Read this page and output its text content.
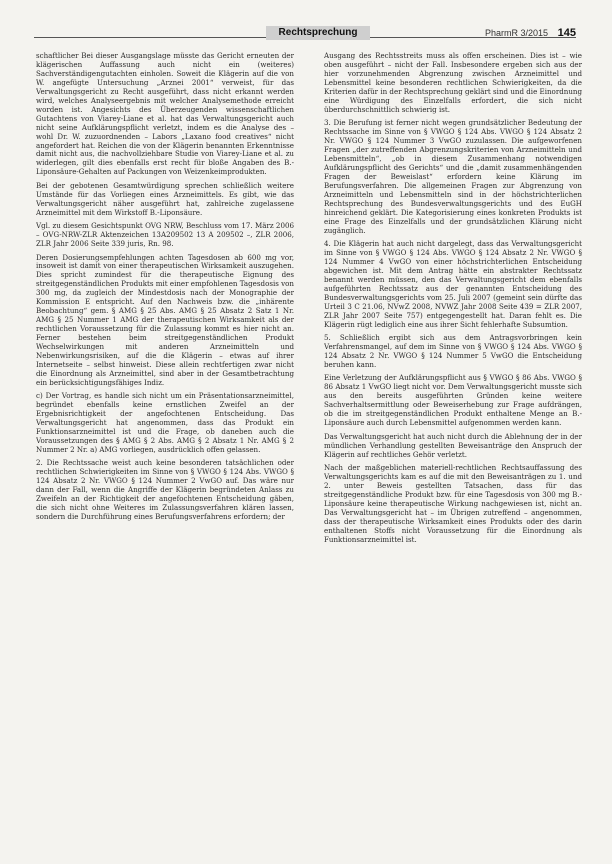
Rechtsprechung	PharmR 3/2015 145

schaftlicher Bei dieser Ausgangslage müsste das Gericht erneuten der klägerischen Auffassung auch nicht ein (weiteres) Sachverständigengutachten einholen. Soweit die Klägerin auf die von W. angefügte Untersuchung „Arznei 2001“ verweist, für das Verwaltungsgericht zu Recht ausgeführt, dass nicht erkannt werden wird, welches Analyseergebnis mit welcher Analysemethode erreicht worden ist. Angesichts des Überzeugenden wissenschaftlichen Gutachtens von Viarey-Liane et al. hat das Verwaltungsgericht auch nicht seine Aufklärungspflicht verletzt, indem es die Analyse des – wohl Dr. W. zuzuordnenden – Labors „Laxano food creatives“ nicht angefordert hat. Reichen die von der Klägerin benannten Erkenntnisse damit nicht aus, die nachvollziehbare Studie von Viarey-Liane et al. zu widerlegen, gilt dies ebenfalls erst recht für bloße Angaben des B.-Liponsäure-Gehalten auf Packungen von Weizenkeimprodukten.

Bei der gebotenen Gesamtwürdigung sprechen schließlich weitere Umstände für das Vorliegen eines Arzneimittels. Es gibt, wie das Verwaltungsgericht näher ausgeführt hat, zahlreiche zugelassene Arzneimittel mit dem Wirkstoff B.-Liponsäure.

Vgl. zu diesem Gesichtspunkt OVG NRW, Beschluss vom 17. März 2006 – OVG-NRW-ZLR Aktenzeichen 13A209502 13 A 209502 –, ZLR 2006, ZLR Jahr 2006 Seite 339 juris, Rn. 98.

Deren Dosierungsempfehlungen achten Tagesdosen ab 600 mg vor, insoweit ist damit von einer therapeutischen Wirksamkeit auszugehen. Dies spricht zumindest für die therapeutische Eignung des streitgegenständlichen Produkts mit einer empfohlenen Tagesdosis von 300 mg, da zugleich der Mindestdosis nach der Monographie der Kommission E entspricht. Auf den Nachweis bzw. die „inhärente Beobachtung“ gem. § AMG § 25 Abs. AMG § 25 Absatz 2 Satz 1 Nr. AMG § 25 Nummer 1 AMG der therapeutischen Wirksamkeit als der rechtlichen Voraussetzung für die Zulassung kommt es hier nicht an. Ferner bestehen beim streitgegenständlichen Produkt Wechselwirkungen mit anderen Arzneimitteln und Nebenwirkungsrisiken, auf die die Klägerin – etwas auf ihrer Internetseite – selbst hinweist. Diese allein rechtfertigen zwar nicht die Einordnung als Arzneimittel, sind aber in der Gesamtbetrachtung ein berücksichtigungsfähiges Indiz.

c) Der Vortrag, es handle sich nicht um ein Präsentationsarzneimittel, begründet ebenfalls keine ernstlichen Zweifel an der Ergebnisrichtigkeit der angefochtenen Entscheidung. Das Verwaltungsgericht hat angenommen, dass das Produkt ein Funktionsarzneimittel ist und die Frage, ob daneben auch die Voraussetzungen des § AMG § 2 Abs. AMG § 2 Absatz 1 Nr. AMG § 2 Nummer 2 Nr. a) AMG vorliegen, ausdrücklich offen gelassen.

2. Die Rechtssache weist auch keine besonderen tatsächlichen oder rechtlichen Schwierigkeiten im Sinne von § VWGO § 124 Abs. VWGO § 124 Absatz 2 Nr. VWGO § 124 Nummer 2 VwGO auf. Das wäre nur dann der Fall, wenn die Angriffe der Klägerin begründeten Anlass zu Zweifeln an der Richtigkeit der angefochtenen Entscheidung gäben, die sich nicht ohne Weiteres im Zulassungsverfahren klären lassen, sondern die Durchführung eines Berufungsverfahrens erfordern; der

Ausgang des Rechtsstreits muss als offen erscheinen. Dies ist – wie oben ausgeführt – nicht der Fall. Insbesondere ergeben sich aus der hier vorzunehmenden Abgrenzung zwischen Arzneimittel und Lebensmittel keine besonderen rechtlichen Schwierigkeiten, da die Kriterien dafür in der Rechtsprechung geklärt sind und die Einordnung eine Würdigung des Einzelfalls erfordert, die sich nicht überdurchschnittlich schwierig ist.

3. Die Berufung ist ferner nicht wegen grundsätzlicher Bedeutung der Rechtssache im Sinne von § VWGO § 124 Abs. VWGO § 124 Absatz 2 Nr. VWGO § 124 Nummer 3 VwGO zuzulassen. Die aufgeworfenen Fragen „der zutreffenden Abgrenzungskriterien von Arzneimitteln und Lebensmitteln“, „ob in diesem Zusammenhang notwendigen Aufklärungspflicht des Gerichts“ und die „damit zusammenhängenden Fragen der Beweislast“ erfordern keine Klärung im Berufungsverfahren. Die allgemeinen Fragen zur Abgrenzung von Arzneimitteln und Lebensmitteln sind in der höchstrichterlichen Rechtsprechung des Bundesverwaltungsgerichts und des EuGH hinreichend geklärt. Die Kategorisierung eines konkreten Produkts ist eine Frage des Einzelfalls und der grundsätzlichen Klärung nicht zugänglich.

4. Die Klägerin hat auch nicht dargelegt, dass das Verwaltungsgericht im Sinne von § VWGO § 124 Abs. VWGO § 124 Absatz 2 Nr. VWGO § 124 Nummer 4 VwGO von einer höchstrichterlichen Entscheidung abgewichen ist. Mit dem Antrag hätte ein abstrakter Rechtssatz benannt werden müssen, den das Verwaltungsgericht dem ebenfalls aufgeführten Rechtssatz aus der genannten Entscheidung des Bundesverwaltungsgerichts vom 25. Juli 2007 (gemeint sein dürfte das Urteil 3 C 21.06, NVwZ 2008, NVWZ Jahr 2008 Seite 439 = ZLR 2007, ZLR Jahr 2007 Seite 757) entgegengestellt hat. Daran fehlt es. Die Klägerin rügt lediglich eine aus ihrer Sicht fehlerhafte Subsumtion.

5. Schließlich ergibt sich aus dem Antragsvorbringen kein Verfahrensmangel, auf dem im Sinne von § VWGO § 124 Abs. VWGO § 124 Absatz 2 Nr. VWGO § 124 Nummer 5 VwGO die Entscheidung beruhen kann.

Eine Verletzung der Aufklärungspflicht aus § VWGO § 86 Abs. VWGO § 86 Absatz 1 VwGO liegt nicht vor. Dem Verwaltungsgericht musste sich aus den bereits ausgeführten Gründen keine weitere Sachverhaltsermittlung oder Beweiserhebung zur Frage aufdrängen, ob die im streitgegenständlichen Produkt enthaltene Menge an B.-Liponsäure auch durch Lebensmittel aufgenommen werden kann.

Das Verwaltungsgericht hat auch nicht durch die Ablehnung der in der mündlichen Verhandlung gestellten Beweisanträge den Anspruch der Klägerin auf rechtliches Gehör verletzt.

Nach der maßgeblichen materiell-rechtlichen Rechtsauffassung des Verwaltungsgerichts kam es auf die mit den Beweisanträgen zu 1. und 2. unter Beweis gestellten Tatsachen, dass für das streitgegenständliche Produkt bzw. für eine Tagesdosis von 300 mg B.-Liponsäure keine therapeutische Wirkung nachgewiesen ist, nicht an. Das Verwaltungsgericht hat – im Übrigen zutreffend – angenommen, dass der therapeutische Wirksamkeit eines Produkts oder des darin enthaltenen Stoffs nicht Voraussetzung für die Einordnung als Funktionsarzneimittel ist.
